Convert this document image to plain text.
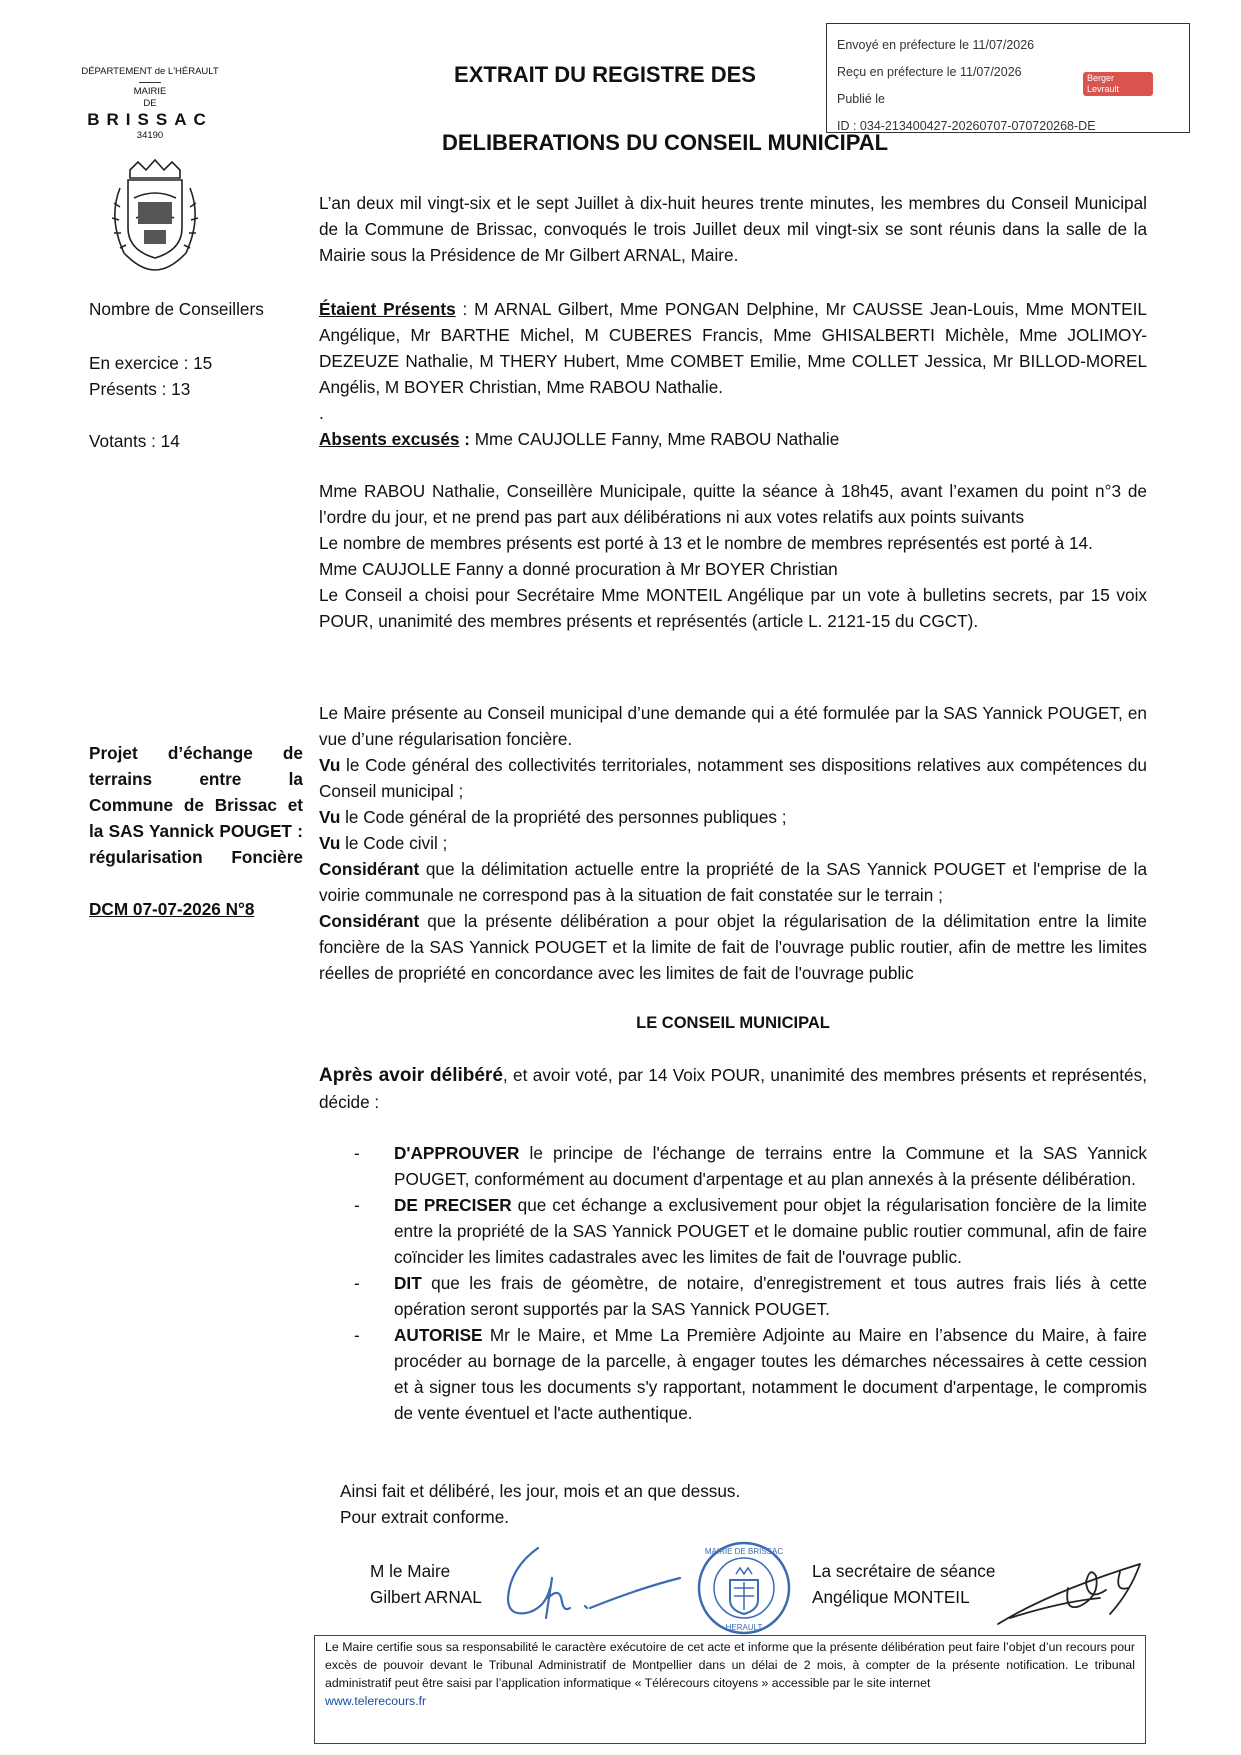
Envoyé en préfecture le 11/07/2026
Reçu en préfecture le 11/07/2026
Publié le
ID : 034-213400427-20260707-070720268-DE
Berger
Levrault
DÉPARTEMENT de L'HÉRAULT
MAIRIE
DE
BRISSAC
34190
EXTRAIT DU REGISTRE DES
DELIBERATIONS DU CONSEIL MUNICIPAL
Nombre de Conseillers
En exercice : 15
Présents : 13
Votants : 14
Projet d’échange de terrains entre la Commune de Brissac et la SAS Yannick POUGET : régularisation Foncière
DCM 07-07-2026 N°8
L’an deux mil vingt-six et le sept Juillet à dix-huit heures trente minutes, les membres du Conseil Municipal de la Commune de Brissac, convoqués le trois Juillet deux mil vingt-six se sont réunis dans la salle de la Mairie sous la Présidence de Mr Gilbert ARNAL, Maire.
Étaient Présents : M ARNAL Gilbert, Mme PONGAN Delphine, Mr CAUSSE Jean-Louis, Mme MONTEIL Angélique, Mr BARTHE Michel, M CUBERES Francis, Mme GHISALBERTI Michèle, Mme JOLIMOY-DEZEUZE Nathalie, M THERY Hubert, Mme COMBET Emilie, Mme COLLET Jessica, Mr BILLOD-MOREL Angélis, M BOYER Christian, Mme RABOU Nathalie.
.
Absents excusés : Mme CAUJOLLE Fanny, Mme RABOU Nathalie
Mme RABOU Nathalie, Conseillère Municipale, quitte la séance à 18h45, avant l’examen du point n°3 de l’ordre du jour, et ne prend pas part aux délibérations ni aux votes relatifs aux points suivants
Le nombre de membres présents est porté à 13 et le nombre de membres représentés est porté à 14.
Mme CAUJOLLE Fanny a donné procuration à Mr BOYER Christian
Le Conseil a choisi pour Secrétaire Mme MONTEIL Angélique par un vote à bulletins secrets, par 15 voix POUR, unanimité des membres présents et représentés (article L. 2121-15 du CGCT).
Le Maire présente au Conseil municipal d’une demande qui a été formulée par la SAS Yannick POUGET, en vue d’une régularisation foncière.
Vu le Code général des collectivités territoriales, notamment ses dispositions relatives aux compétences du Conseil municipal ;
Vu le Code général de la propriété des personnes publiques ;
Vu le Code civil ;
Considérant que la délimitation actuelle entre la propriété de la SAS Yannick POUGET et l'emprise de la voirie communale ne correspond pas à la situation de fait constatée sur le terrain ;
Considérant que la présente délibération a pour objet la régularisation de la délimitation entre la limite foncière de la SAS Yannick POUGET et la limite de fait de l'ouvrage public routier, afin de mettre les limites réelles de propriété en concordance avec les limites de fait de l'ouvrage public
LE CONSEIL MUNICIPAL
Après avoir délibéré, et avoir voté, par 14 Voix POUR, unanimité des membres présents et représentés, décide :
- D'APPROUVER le principe de l'échange de terrains entre la Commune et la SAS Yannick POUGET, conformément au document d'arpentage et au plan annexés à la présente délibération.
- DE PRECISER que cet échange a exclusivement pour objet la régularisation foncière de la limite entre la propriété de la SAS Yannick POUGET et le domaine public routier communal, afin de faire coïncider les limites cadastrales avec les limites de fait de l'ouvrage public.
- DIT que les frais de géomètre, de notaire, d'enregistrement et tous autres frais liés à cette opération seront supportés par la SAS Yannick POUGET.
- AUTORISE Mr le Maire, et Mme La Première Adjointe au Maire en l’absence du Maire, à faire procéder au bornage de la parcelle, à engager toutes les démarches nécessaires à cette cession et à signer tous les documents s'y rapportant, notamment le document d'arpentage, le compromis de vente éventuel et l'acte authentique.
Ainsi fait et délibéré, les jour, mois et an que dessus.
Pour extrait conforme.
M le Maire
Gilbert ARNAL
MAIRIE DE BRISSAC
HERAULT
La secrétaire de séance
Angélique MONTEIL
Le Maire certifie sous sa responsabilité le caractère exécutoire de cet acte et informe que la présente délibération peut faire l’objet d’un recours pour excès de pouvoir devant le Tribunal Administratif de Montpellier dans un délai de 2 mois, à compter de la présente notification. Le tribunal administratif peut être saisi par l’application informatique « Télérecours citoyens » accessible par le site internet
www.telerecours.fr
